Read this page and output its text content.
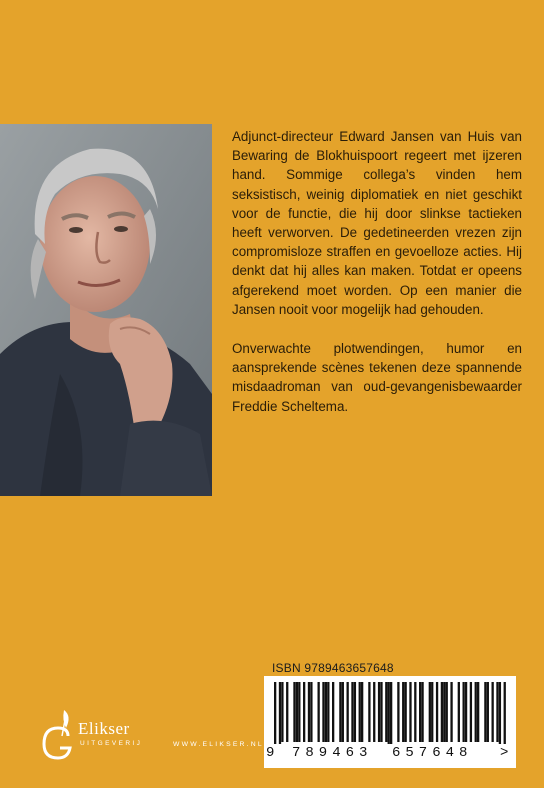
Adjunct-directeur Edward Jansen van Huis van Bewaring de Blokhuispoort regeert met ijzeren hand. Sommige collega’s vinden hem seksistisch, weinig diplomatiek en niet geschikt voor de functie, die hij door slinkse tactieken heeft verworven. De gedetineerden vrezen zijn compromisloze straffen en gevoelloze acties. Hij denkt dat hij alles kan maken. Totdat er opeens afgerekend moet worden. Op een manier die Jansen nooit voor mogelijk had gehouden.

Onverwachte plotwendingen, humor en aansprekende scènes tekenen deze spannende misdaadroman van oud-gevangenisbewaarder Freddie Scheltema.

ISBN 9789463657648
9 789463 657648 >
Elikser
UITGEVERIJ	WWW.ELIKSER.NL
